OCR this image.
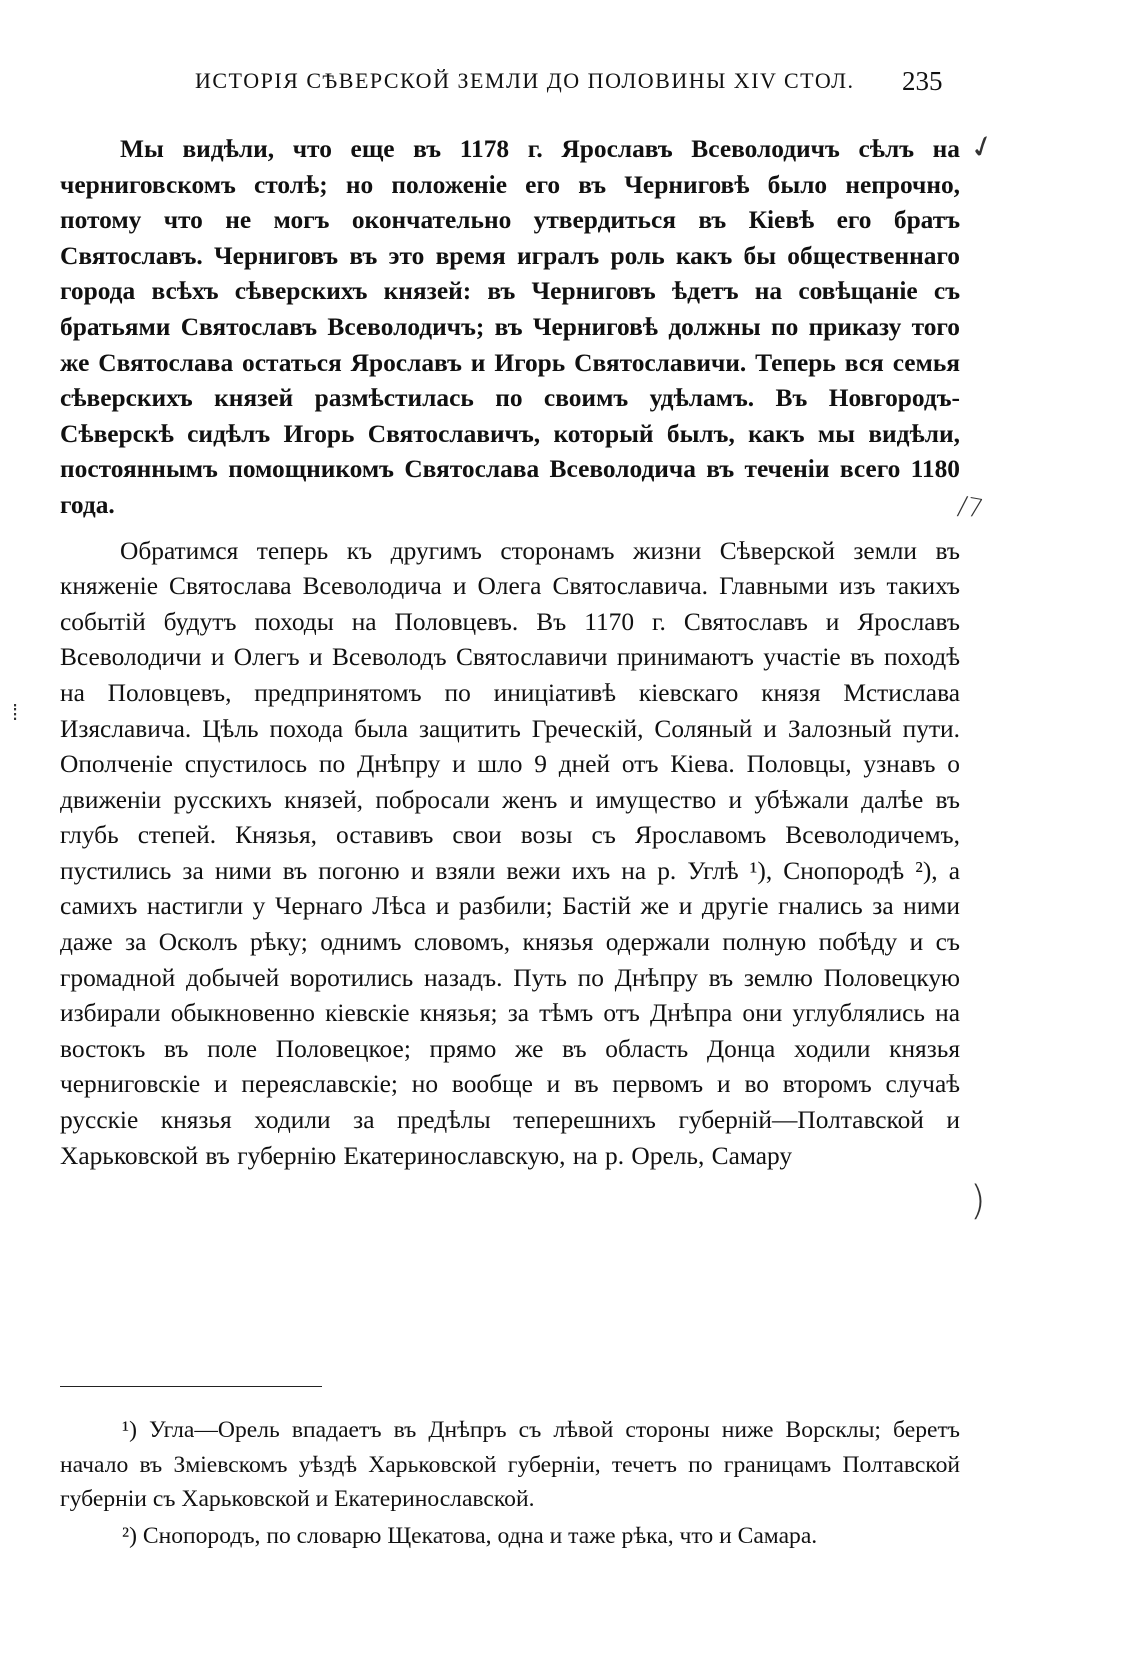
ИСТОРІЯ СѢВЕРСКОЙ ЗЕМЛИ ДО ПОЛОВИНЫ XIV СТОЛ. 235

Мы видѣли, что еще въ 1178 г. Ярославъ Всеволодичъ сѣлъ на черниговскомъ столѣ; но положеніе его въ Черниговѣ было непрочно, потому что не могъ окончательно утвердиться въ Кіевѣ его братъ Святославъ. Черниговъ въ это время игралъ роль какъ бы общественнаго города всѣхъ сѣверскихъ князей: въ Черниговъ ѣдетъ на совѣщаніе съ братьями Святославъ Всеволодичъ; въ Черниговѣ должны по приказу того же Святослава остаться Ярославъ и Игорь Святославичи. Теперь вся семья сѣверскихъ князей размѣстилась по своимъ удѣламъ. Въ Новгородъ-Сѣверскѣ сидѣлъ Игорь Святославичъ, который былъ, какъ мы видѣли, постояннымъ помощникомъ Святослава Всеволодича въ теченіи всего 1180 года.

Обратимся теперь къ другимъ сторонамъ жизни Сѣверской земли въ княженіе Святослава Всеволодича и Олега Святославича. Главными изъ такихъ событій будутъ походы на Половцевъ. Въ 1170 г. Святославъ и Ярославъ Всеволодичи и Олегъ и Всеволодъ Святославичи принимаютъ участіе въ походѣ на Половцевъ, предпринятомъ по иниціативѣ кіевскаго князя Мстислава Изяславича. Цѣль похода была защитить Греческій, Соляный и Залозный пути. Ополченіе спустилось по Днѣпру и шло 9 дней отъ Кіева. Половцы, узнавъ о движеніи русскихъ князей, побросали женъ и имущество и убѣжали далѣе въ глубь степей. Князья, оставивъ свои возы съ Ярославомъ Всеволодичемъ, пустились за ними въ погоню и взяли вежи ихъ на р. Углѣ ¹), Снопородѣ ²), а самихъ настигли у Чернаго Лѣса и разбили; Бастій же и другіе гнались за ними даже за Осколъ рѣку; однимъ словомъ, князья одержали полную побѣду и съ громадной добычей воротились назадъ. Путь по Днѣпру въ землю Половецкую избирали обыкновенно кіевскіе князья; за тѣмъ отъ Днѣпра они углублялись на востокъ въ поле Половецкое; прямо же въ область Донца ходили князья черниговскіе и переяславскіе; но вообще и въ первомъ и во второмъ случаѣ русскіе князья ходили за предѣлы теперешнихъ губерній—Полтавской и Харьковской въ губернію Екатеринославскую, на р. Орель, Самару

¹) Угла—Орель впадаетъ въ Днѣпръ съ лѣвой стороны ниже Ворсклы; беретъ начало въ Зміевскомъ уѣздѣ Харьковской губерніи, течетъ по границамъ Полтавской губерніи съ Харьковской и Екатеринославской.

²) Снопородъ, по словарю Щекатова, одна и таже рѣка, что и Самара.

✓
/7
)
⁞
